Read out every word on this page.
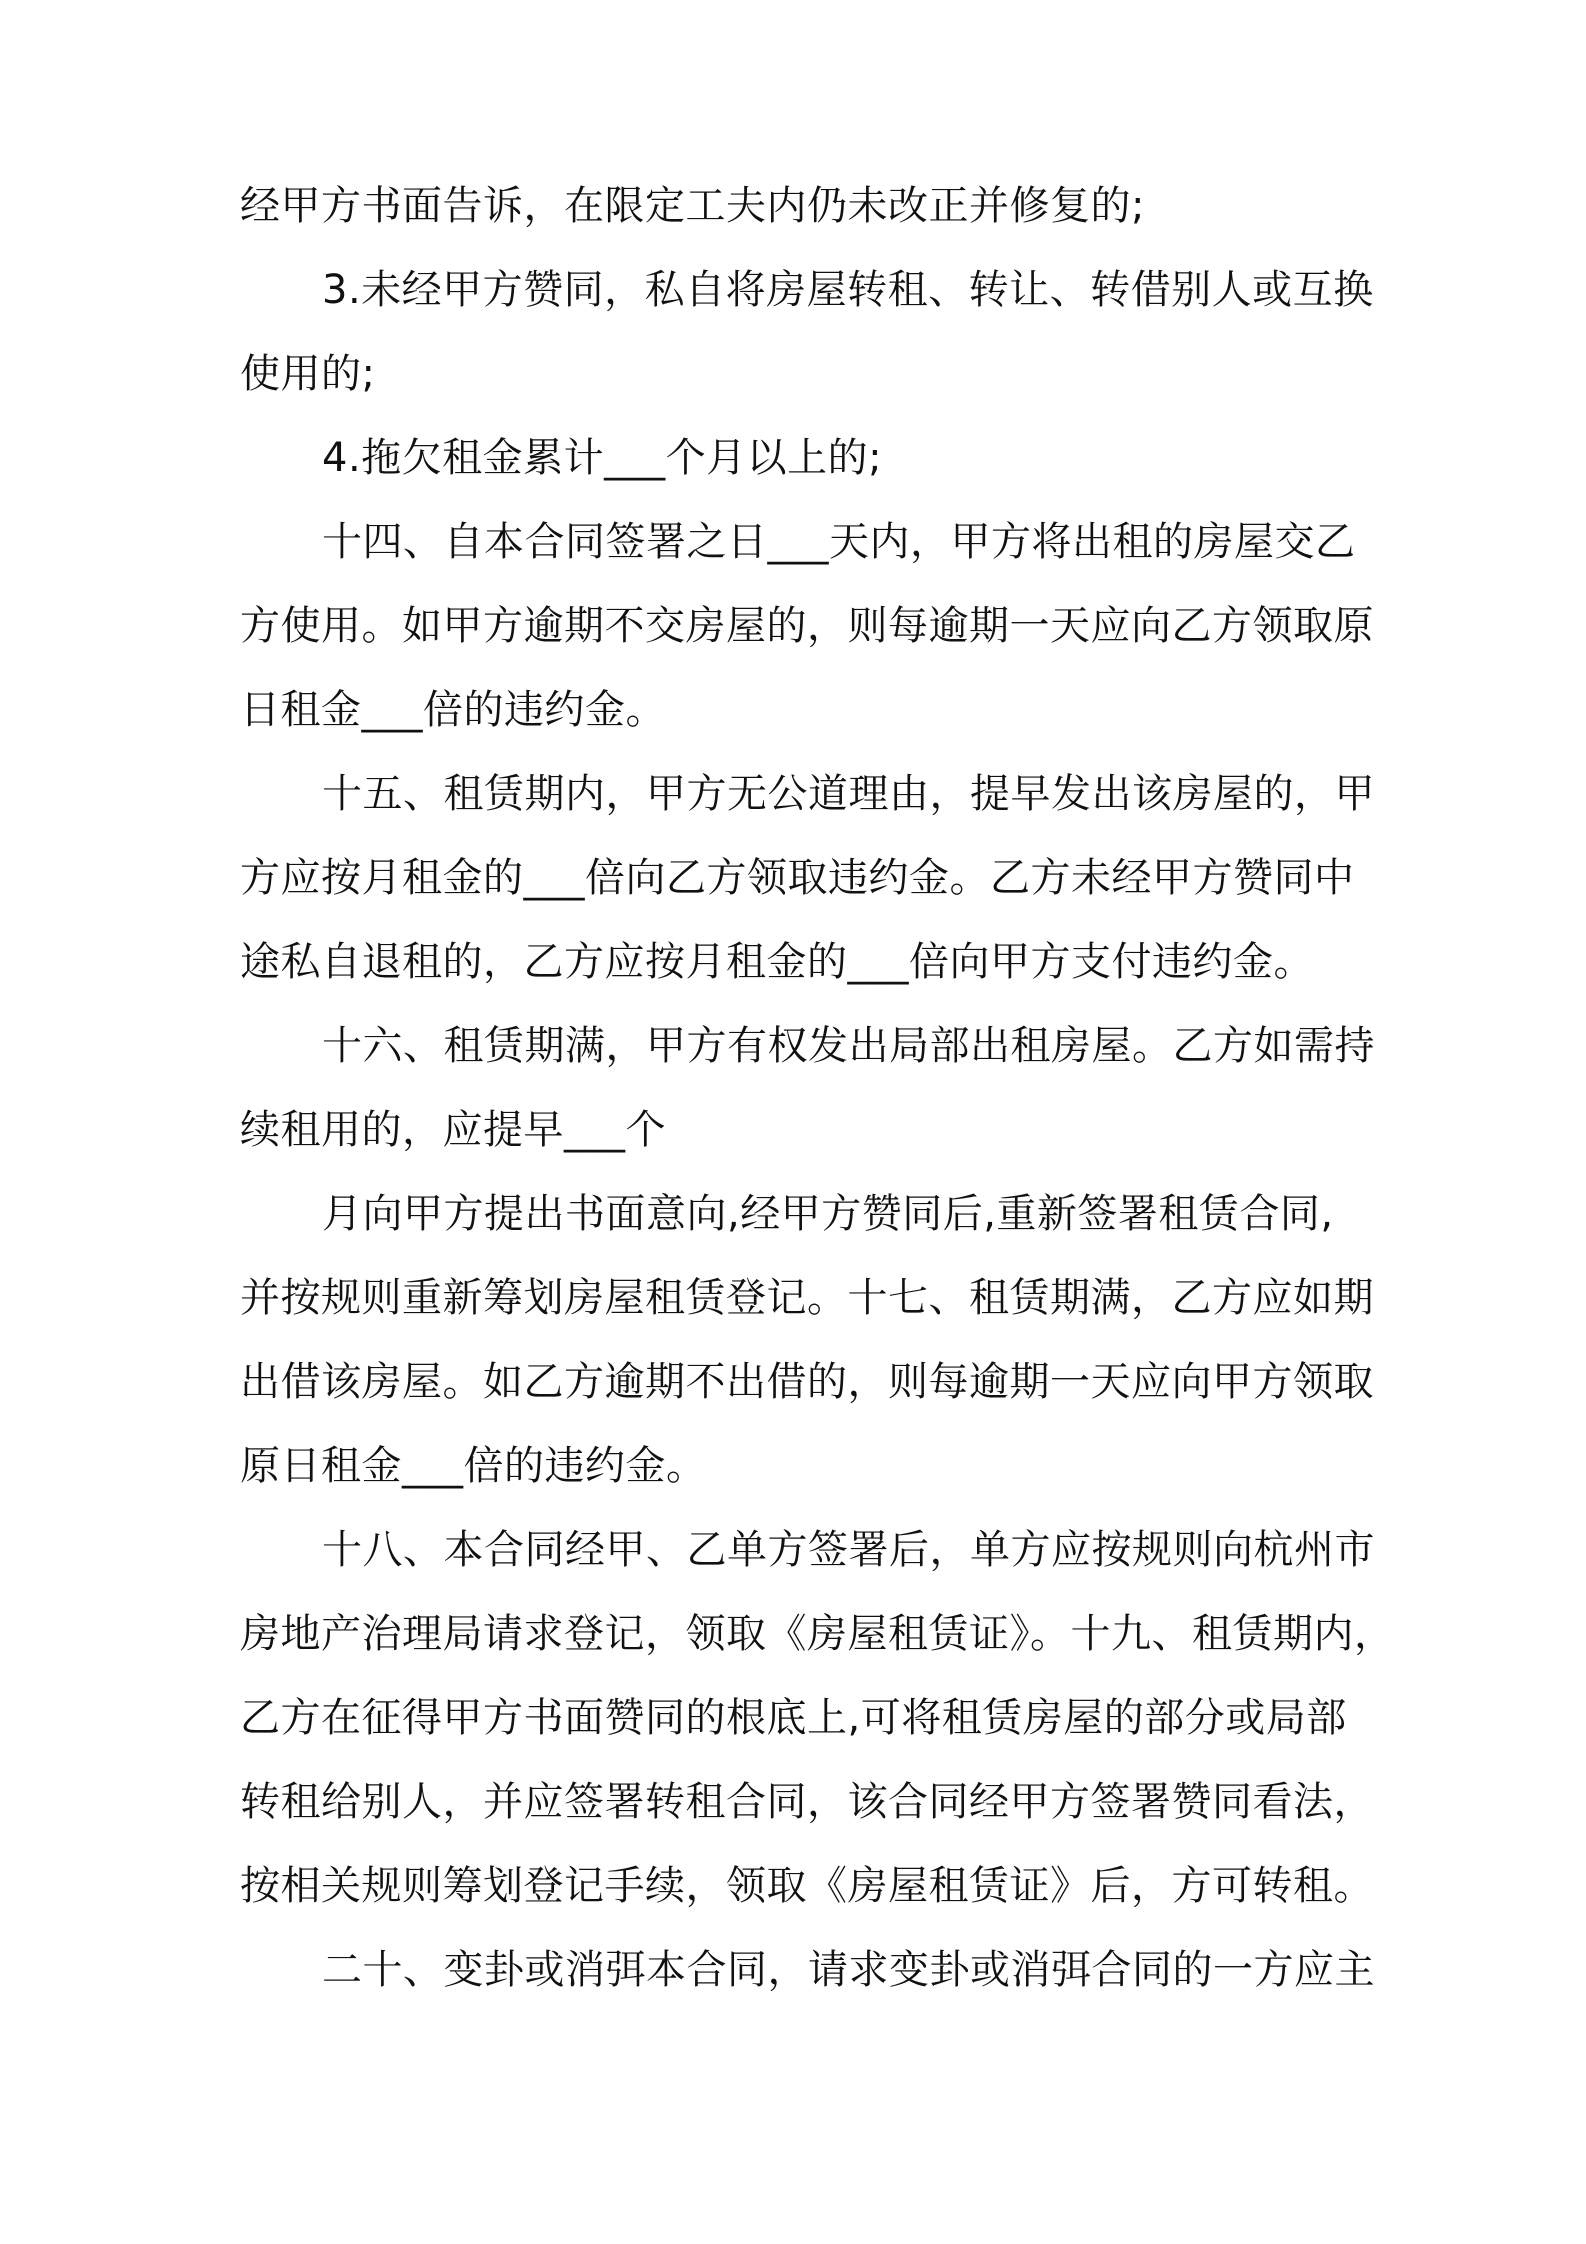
经甲方书面告诉，在限定工夫内仍未改正并修复的;

3.未经甲方赞同，私自将房屋转租、转让、转借别人或互换

使用的;

4.拖欠租金累计___个月以上的;

十四、自本合同签署之日___天内，甲方将出租的房屋交乙

方使用。如甲方逾期不交房屋的，则每逾期一天应向乙方领取原

日租金___倍的违约金。

十五、租赁期内，甲方无公道理由，提早发出该房屋的，甲

方应按月租金的___倍向乙方领取违约金。乙方未经甲方赞同中

途私自退租的，乙方应按月租金的___倍向甲方支付违约金。

十六、租赁期满，甲方有权发出局部出租房屋。乙方如需持

续租用的，应提早___个

月向甲方提出书面意向,经甲方赞同后,重新签署租赁合同,

并按规则重新筹划房屋租赁登记。十七、租赁期满，乙方应如期

出借该房屋。如乙方逾期不出借的，则每逾期一天应向甲方领取

原日租金___倍的违约金。

十八、本合同经甲、乙单方签署后，单方应按规则向杭州市

房地产治理局请求登记，领取《房屋租赁证》。十九、租赁期内，

乙方在征得甲方书面赞同的根底上,可将租赁房屋的部分或局部

转租给别人，并应签署转租合同，该合同经甲方签署赞同看法，

按相关规则筹划登记手续，领取《房屋租赁证》后，方可转租。

二十、变卦或消弭本合同，请求变卦或消弭合同的一方应主
